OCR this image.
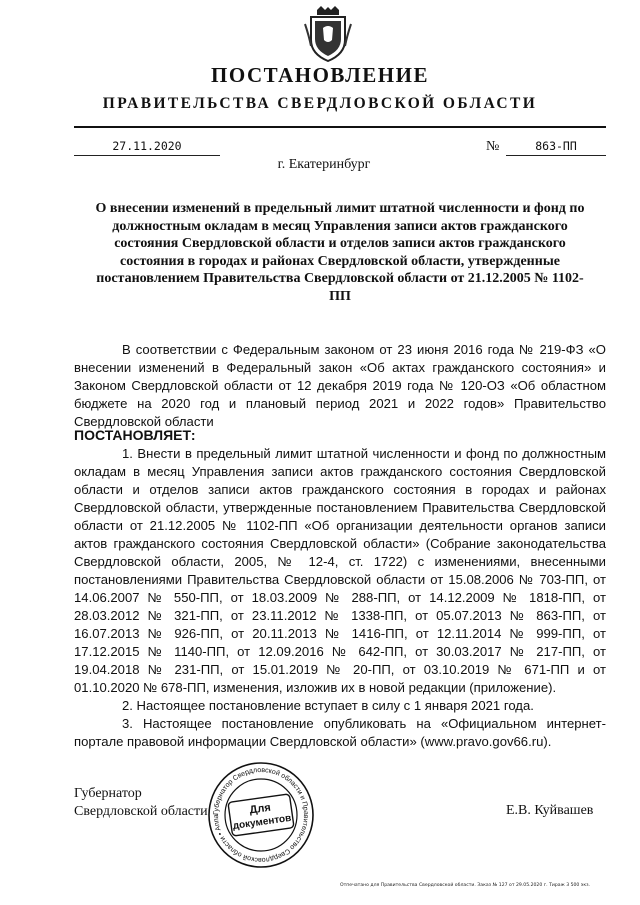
ПОСТАНОВЛЕНИЕ
ПРАВИТЕЛЬСТВА СВЕРДЛОВСКОЙ ОБЛАСТИ
27.11.2020	№	863-ПП
г. Екатеринбург
О внесении изменений в предельный лимит штатной численности и фонд по должностным окладам в месяц Управления записи актов гражданского состояния Свердловской области и отделов записи актов гражданского состояния в городах и районах Свердловской области, утвержденные постановлением Правительства Свердловской области от 21.12.2005 № 1102-ПП
В соответствии с Федеральным законом от 23 июня 2016 года № 219-ФЗ «О внесении изменений в Федеральный закон «Об актах гражданского состояния» и Законом Свердловской области от 12 декабря 2019 года № 120-ОЗ «Об областном бюджете на 2020 год и плановый период 2021 и 2022 годов» Правительство Свердловской области
ПОСТАНОВЛЯЕТ:
1. Внести в предельный лимит штатной численности и фонд по должностным окладам в месяц Управления записи актов гражданского состояния Свердловской области и отделов записи актов гражданского состояния в городах и районах Свердловской области, утвержденные постановлением Правительства Свердловской области от 21.12.2005 № 1102-ПП «Об организации деятельности органов записи актов гражданского состояния Свердловской области» (Собрание законодательства Свердловской области, 2005, № 12-4, ст. 1722) с изменениями, внесенными постановлениями Правительства Свердловской области от 15.08.2006 № 703-ПП, от 14.06.2007 № 550-ПП, от 18.03.2009 № 288-ПП, от 14.12.2009 № 1818-ПП, от 28.03.2012 № 321-ПП, от 23.11.2012 № 1338-ПП, от 05.07.2013 № 863-ПП, от 16.07.2013 № 926-ПП, от 20.11.2013 № 1416-ПП, от 12.11.2014 № 999-ПП, от 17.12.2015 № 1140-ПП, от 12.09.2016 № 642-ПП, от 30.03.2017 № 217-ПП, от 19.04.2018 № 231-ПП, от 15.01.2019 № 20-ПП, от 03.10.2019 № 671-ПП и от 01.10.2020 № 678-ПП, изменения, изложив их в новой редакции (приложение).
2. Настоящее постановление вступает в силу с 1 января 2021 года.
3. Настоящее постановление опубликовать на «Официальном интернет-портале правовой информации Свердловской области» (www.pravo.gov66.ru).
Губернатор
Свердловской области Губернатор Свердловской области и Правительство Свердловской области • Аппа	Для
документов
Е.В. Куйвашев
Отпечатано для Правительства Свердловской области. Заказ № 127 от 29.05.2020 г. Тираж 3 500 экз.
